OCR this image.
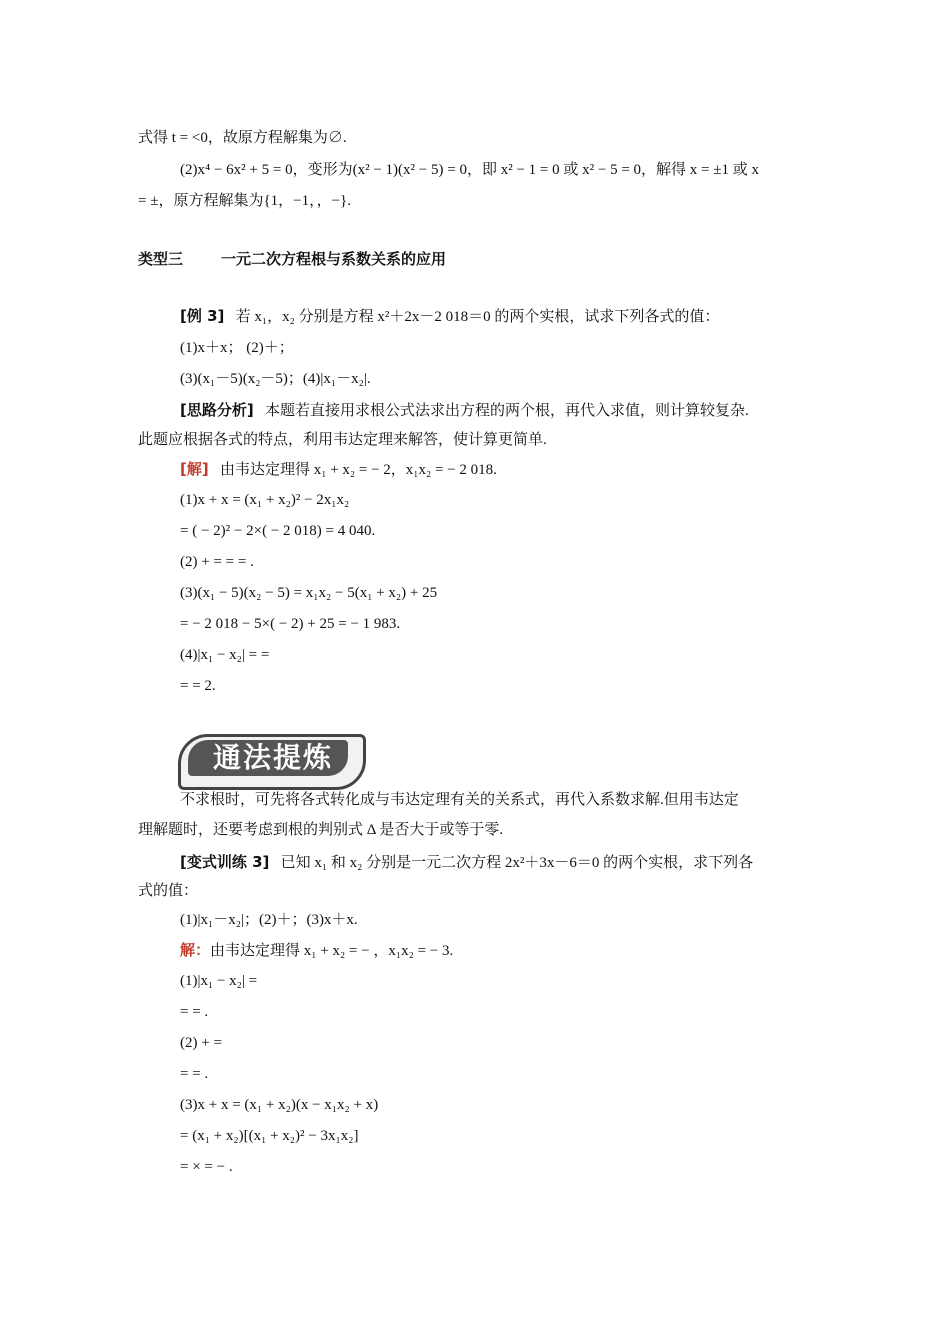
式得 t = <0，故原方程解集为∅.
(2)x⁴ − 6x² + 5 = 0，变形为(x² − 1)(x² − 5) = 0，即 x² − 1 = 0 或 x² − 5 = 0，解得 x = ±1 或 x
= ±，原方程解集为{1，−1，，−}.
类型三	一元二次方程根与系数关系的应用
[例 3] 若 x₁，x₂ 分别是方程 x²＋2x－2 018＝0 的两个实根，试求下列各式的值：
(1)x＋x； (2)＋；
(3)(x₁－5)(x₂－5)；(4)|x₁－x₂|.
[思路分析] 本题若直接用求根公式法求出方程的两个根，再代入求值，则计算较复杂.
此题应根据各式的特点，利用韦达定理来解答，使计算更简单.
[解] 由韦达定理得 x₁ + x₂ = − 2，x₁x₂ = − 2 018.
(1)x + x = (x₁ + x₂)² − 2x₁x₂
= ( − 2)² − 2×( − 2 018) = 4 040.
(2) + = = = .
(3)(x₁ − 5)(x₂ − 5) = x₁x₂ − 5(x₁ + x₂) + 25
= − 2 018 − 5×( − 2) + 25 = − 1 983.
(4)|x₁ − x₂| = =
= = 2.
通法提炼
不求根时，可先将各式转化成与韦达定理有关的关系式，再代入系数求解.但用韦达定
理解题时，还要考虑到根的判别式 Δ 是否大于或等于零.
[变式训练 3] 已知 x₁ 和 x₂ 分别是一元二次方程 2x²＋3x－6＝0 的两个实根，求下列各
式的值：
(1)|x₁－x₂|；(2)＋；(3)x＋x.
解：由韦达定理得 x₁ + x₂ = − ，x₁x₂ = − 3.
(1)|x₁ − x₂| =
= = .
(2) + =
= = .
(3)x + x = (x₁ + x₂)(x − x₁x₂ + x)
= (x₁ + x₂)[(x₁ + x₂)² − 3x₁x₂]
= × = − .
